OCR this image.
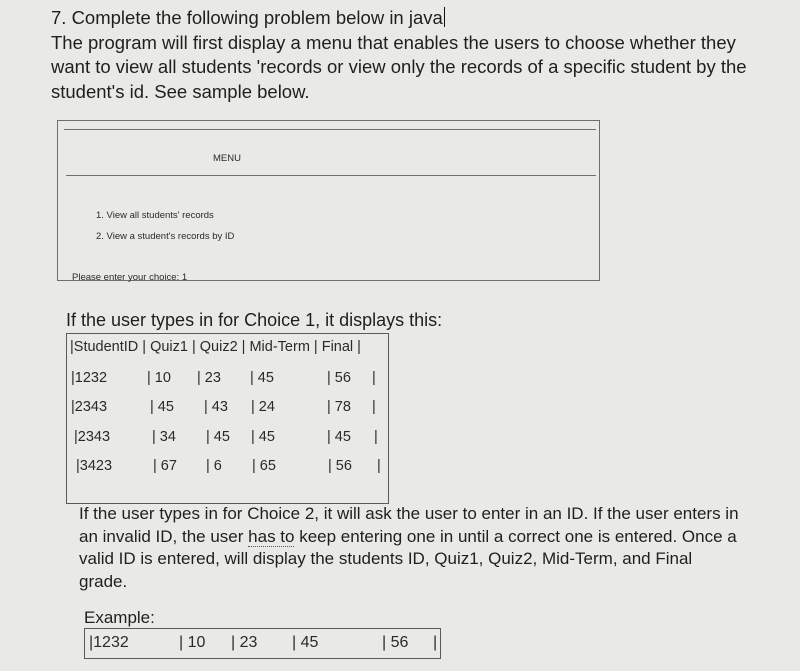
7. Complete the following problem below in java
The program will first display a menu that enables the users to choose whether they
want to view all students 'records or view only the records of a specific student by the
student's id. See sample below.
MENU
1. View all students' records
2. View a student's records by ID
Please enter your choice: 1
If the user types in for Choice 1, it displays this:
|StudentID | Quiz1 | Quiz2 | Mid-Term | Final |
|1232	| 10 | 23 | 45	| 56 |
|2343	| 45 | 43 | 24	| 78 |
|2343	| 34 | 45 | 45	| 45 |
|3423	| 67 | 6 | 65	| 56 |
If the user types in for Choice 2, it will ask the user to enter in an ID. If the user enters in
an invalid ID, the user has to keep entering one in until a correct one is entered. Once a
valid ID is entered, will display the students ID, Quiz1, Quiz2, Mid-Term, and Final
grade.
Example:
|1232	| 10 | 23 | 45	| 56 |
